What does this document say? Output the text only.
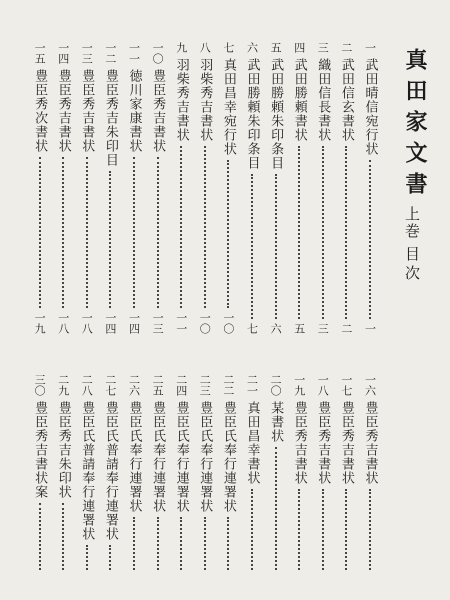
真田家文書
上巻
目次
一
武田晴信宛行状
一
二
武田信玄書状
二
三
織田信長書状
三
四
武田勝頼書状
五
五
武田勝頼朱印条目
六
六
武田勝頼朱印条目
七
七
真田昌幸宛行状
一〇
八
羽柴秀吉書状
一〇
九
羽柴秀吉書状
一一
一〇
豊臣秀吉書状
一三
一一
徳川家康書状
一四
一二
豊臣秀吉朱印目
一四
一三
豊臣秀吉書状
一八
一四
豊臣秀吉書状
一八
一五
豊臣秀次書状
一九
一六
豊臣秀吉書状
一七
豊臣秀吉書状
一八
豊臣秀吉書状
一九
豊臣秀吉書状
二〇
某書状
二一
真田昌幸書状
二二
豊臣氏奉行連署状
二三
豊臣氏奉行連署状
二四
豊臣氏奉行連署状
二五
豊臣氏奉行連署状
二六
豊臣氏奉行連署状
二七
豊臣氏普請奉行連署状
二八
豊臣氏普請奉行連署状
二九
豊臣秀吉朱印状
三〇
豊臣秀吉書状案
